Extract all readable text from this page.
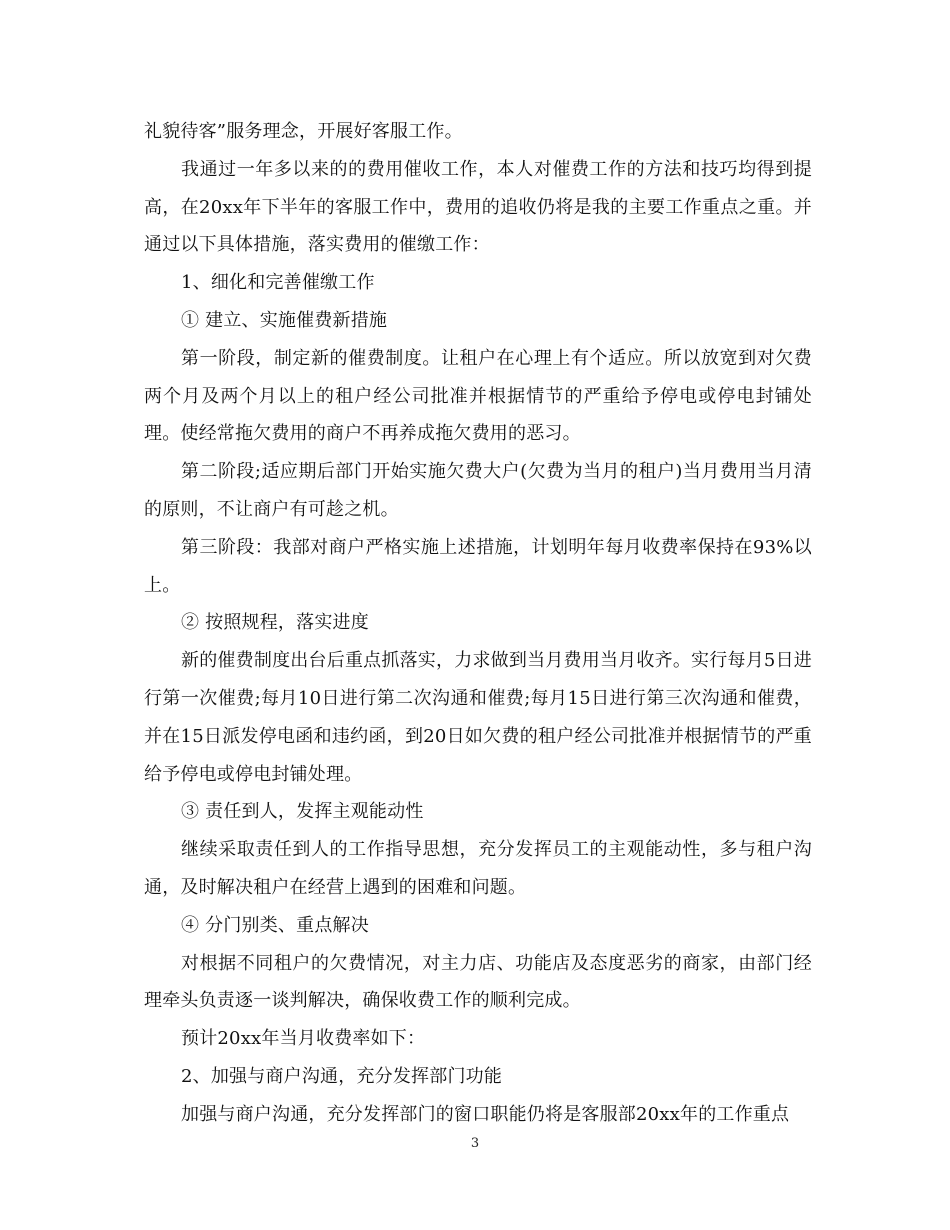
礼貌待客”服务理念，开展好客服工作。

我通过一年多以来的的费用催收工作，本人对催费工作的方法和技巧均得到提高，在20xx年下半年的客服工作中，费用的追收仍将是我的主要工作重点之重。并通过以下具体措施，落实费用的催缴工作：

1、细化和完善催缴工作

① 建立、实施催费新措施

第一阶段，制定新的催费制度。让租户在心理上有个适应。所以放宽到对欠费两个月及两个月以上的租户经公司批准并根据情节的严重给予停电或停电封铺处理。使经常拖欠费用的商户不再养成拖欠费用的恶习。

第二阶段;适应期后部门开始实施欠费大户(欠费为当月的租户)当月费用当月清的原则，不让商户有可趁之机。

第三阶段：我部对商户严格实施上述措施，计划明年每月收费率保持在93%以上。

② 按照规程，落实进度

新的催费制度出台后重点抓落实，力求做到当月费用当月收齐。实行每月5日进行第一次催费;每月10日进行第二次沟通和催费;每月15日进行第三次沟通和催费，并在15日派发停电函和违约函，到20日如欠费的租户经公司批准并根据情节的严重给予停电或停电封铺处理。

③ 责任到人，发挥主观能动性

继续采取责任到人的工作指导思想，充分发挥员工的主观能动性，多与租户沟通，及时解决租户在经营上遇到的困难和问题。

④ 分门别类、重点解决

对根据不同租户的欠费情况，对主力店、功能店及态度恶劣的商家，由部门经理牵头负责逐一谈判解决，确保收费工作的顺利完成。

预计20xx年当月收费率如下：

2、加强与商户沟通，充分发挥部门功能

加强与商户沟通，充分发挥部门的窗口职能仍将是客服部20xx年的工作重点

3
